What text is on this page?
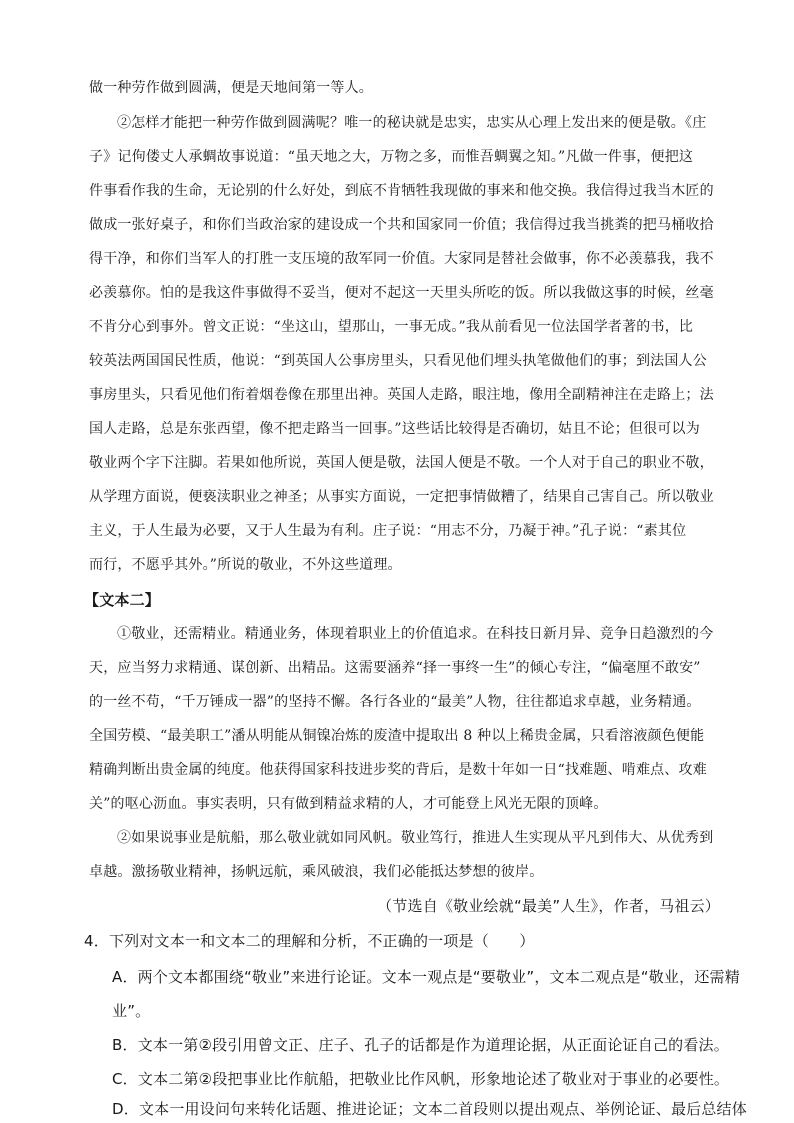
做一种劳作做到圆满，便是天地间第一等人。
②怎样才能把一种劳作做到圆满呢？唯一的秘诀就是忠实，忠实从心理上发出来的便是敬。《庄
子》记佝偻丈人承蜩故事说道：“虽天地之大，万物之多，而惟吾蜩翼之知。”凡做一件事，便把这
件事看作我的生命，无论别的什么好处，到底不肯牺牲我现做的事来和他交换。我信得过我当木匠的
做成一张好桌子，和你们当政治家的建设成一个共和国家同一价值；我信得过我当挑粪的把马桶收拾
得干净，和你们当军人的打胜一支压境的敌军同一价值。大家同是替社会做事，你不必羡慕我，我不
必羡慕你。怕的是我这件事做得不妥当，便对不起这一天里头所吃的饭。所以我做这事的时候，丝毫
不肯分心到事外。曾文正说：“坐这山，望那山，一事无成。”我从前看见一位法国学者著的书，比
较英法两国国民性质，他说：“到英国人公事房里头，只看见他们埋头执笔做他们的事；到法国人公
事房里头，只看见他们衔着烟卷像在那里出神。英国人走路，眼注地，像用全副精神注在走路上；法
国人走路，总是东张西望，像不把走路当一回事。”这些话比较得是否确切，姑且不论；但很可以为
敬业两个字下注脚。若果如他所说，英国人便是敬，法国人便是不敬。一个人对于自己的职业不敬，
从学理方面说，便亵渎职业之神圣；从事实方面说，一定把事情做糟了，结果自己害自己。所以敬业
主义，于人生最为必要，又于人生最为有利。庄子说：“用志不分，乃凝于神。”孔子说：“素其位
而行，不愿乎其外。”所说的敬业，不外这些道理。
【文本二】
①敬业，还需精业。精通业务，体现着职业上的价值追求。在科技日新月异、竞争日趋激烈的今
天，应当努力求精通、谋创新、出精品。这需要涵养“择一事终一生”的倾心专注，“偏毫厘不敢安”
的一丝不苟，“千万锤成一器”的坚持不懈。各行各业的“最美”人物，往往都追求卓越，业务精通。
全国劳模、“最美职工”潘从明能从铜镍冶炼的废渣中提取出 8 种以上稀贵金属，只看溶液颜色便能
精确判断出贵金属的纯度。他获得国家科技进步奖的背后，是数十年如一日“找难题、啃难点、攻难
关”的呕心沥血。事实表明，只有做到精益求精的人，才可能登上风光无限的顶峰。
②如果说事业是航船，那么敬业就如同风帆。敬业笃行，推进人生实现从平凡到伟大、从优秀到
卓越。激扬敬业精神，扬帆远航，乘风破浪，我们必能抵达梦想的彼岸。
（节选自《敬业绘就“最美”人生》，作者，马祖云）
4．下列对文本一和文本二的理解和分析，不正确的一项是（　　）
A．两个文本都围绕“敬业”来进行论证。文本一观点是“要敬业”，文本二观点是“敬业，还需精
业”。
B．文本一第②段引用曾文正、庄子、孔子的话都是作为道理论据，从正面论证自己的看法。
C．文本二第②段把事业比作航船，把敬业比作风帆，形象地论述了敬业对于事业的必要性。
D．文本一用设问句来转化话题、推进论证；文本二首段则以提出观点、举例论证、最后总结体
